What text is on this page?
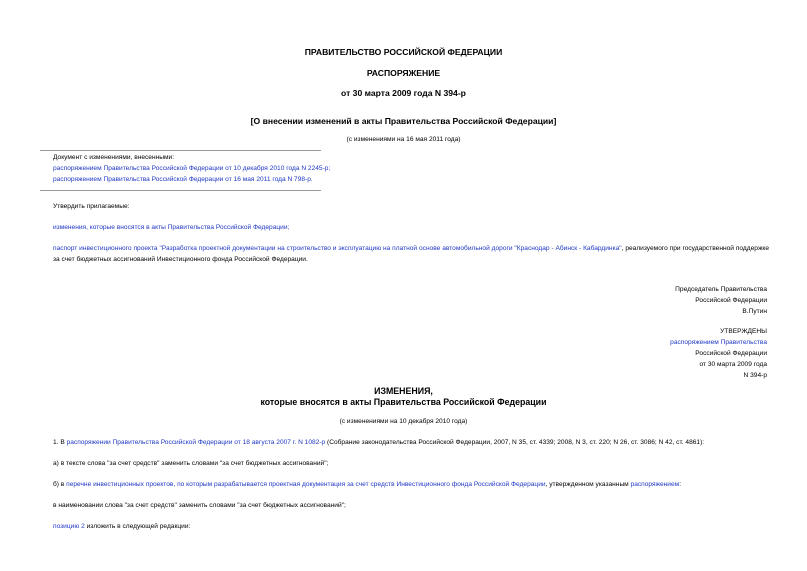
ПРАВИТЕЛЬСТВО РОССИЙСКОЙ ФЕДЕРАЦИИ
РАСПОРЯЖЕНИЕ
от 30 марта 2009 года N 394-р
[О внесении изменений в акты Правительства Российской Федерации]
(с изменениями на 16 мая 2011 года)
Документ с изменениями, внесенными:
распоряжением Правительства Российской Федерации от 10 декабря 2010 года N 2245-р;
распоряжением Правительства Российской Федерации от 16 мая 2011 года N 798-р.
Утвердить прилагаемые:
изменения, которые вносятся в акты Правительства Российской Федерации;
паспорт инвестиционного проекта "Разработка проектной документации на строительство и эксплуатацию на платной основе автомобильной дороги "Краснодар - Абинск - Кабардинка", реализуемого при государственной поддержке за счет бюджетных ассигнований Инвестиционного фонда Российской Федерации.
Председатель Правительства
Российской Федерации
В.Путин
УТВЕРЖДЕНЫ
распоряжением Правительства
Российской Федерации
от 30 марта 2009 года
N 394-р
ИЗМЕНЕНИЯ,
которые вносятся в акты Правительства Российской Федерации
(с изменениями на 10 декабря 2010 года)
1. В распоряжении Правительства Российской Федерации от 18 августа 2007 г. N 1082-р (Собрание законодательства Российской Федерации, 2007, N 35, ст. 4339; 2008, N 3, ст. 220; N 26, ст. 3086; N 42, ст. 4861):
а) в тексте слова "за счет средств" заменить словами "за счет бюджетных ассигнований";
б) в перечне инвестиционных проектов, по которым разрабатывается проектная документация за счет средств Инвестиционного фонда Российской Федерации, утвержденном указанным распоряжением:
в наименовании слова "за счет средств" заменить словами "за счет бюджетных ассигнований";
позицию 2 изложить в следующей редакции:
